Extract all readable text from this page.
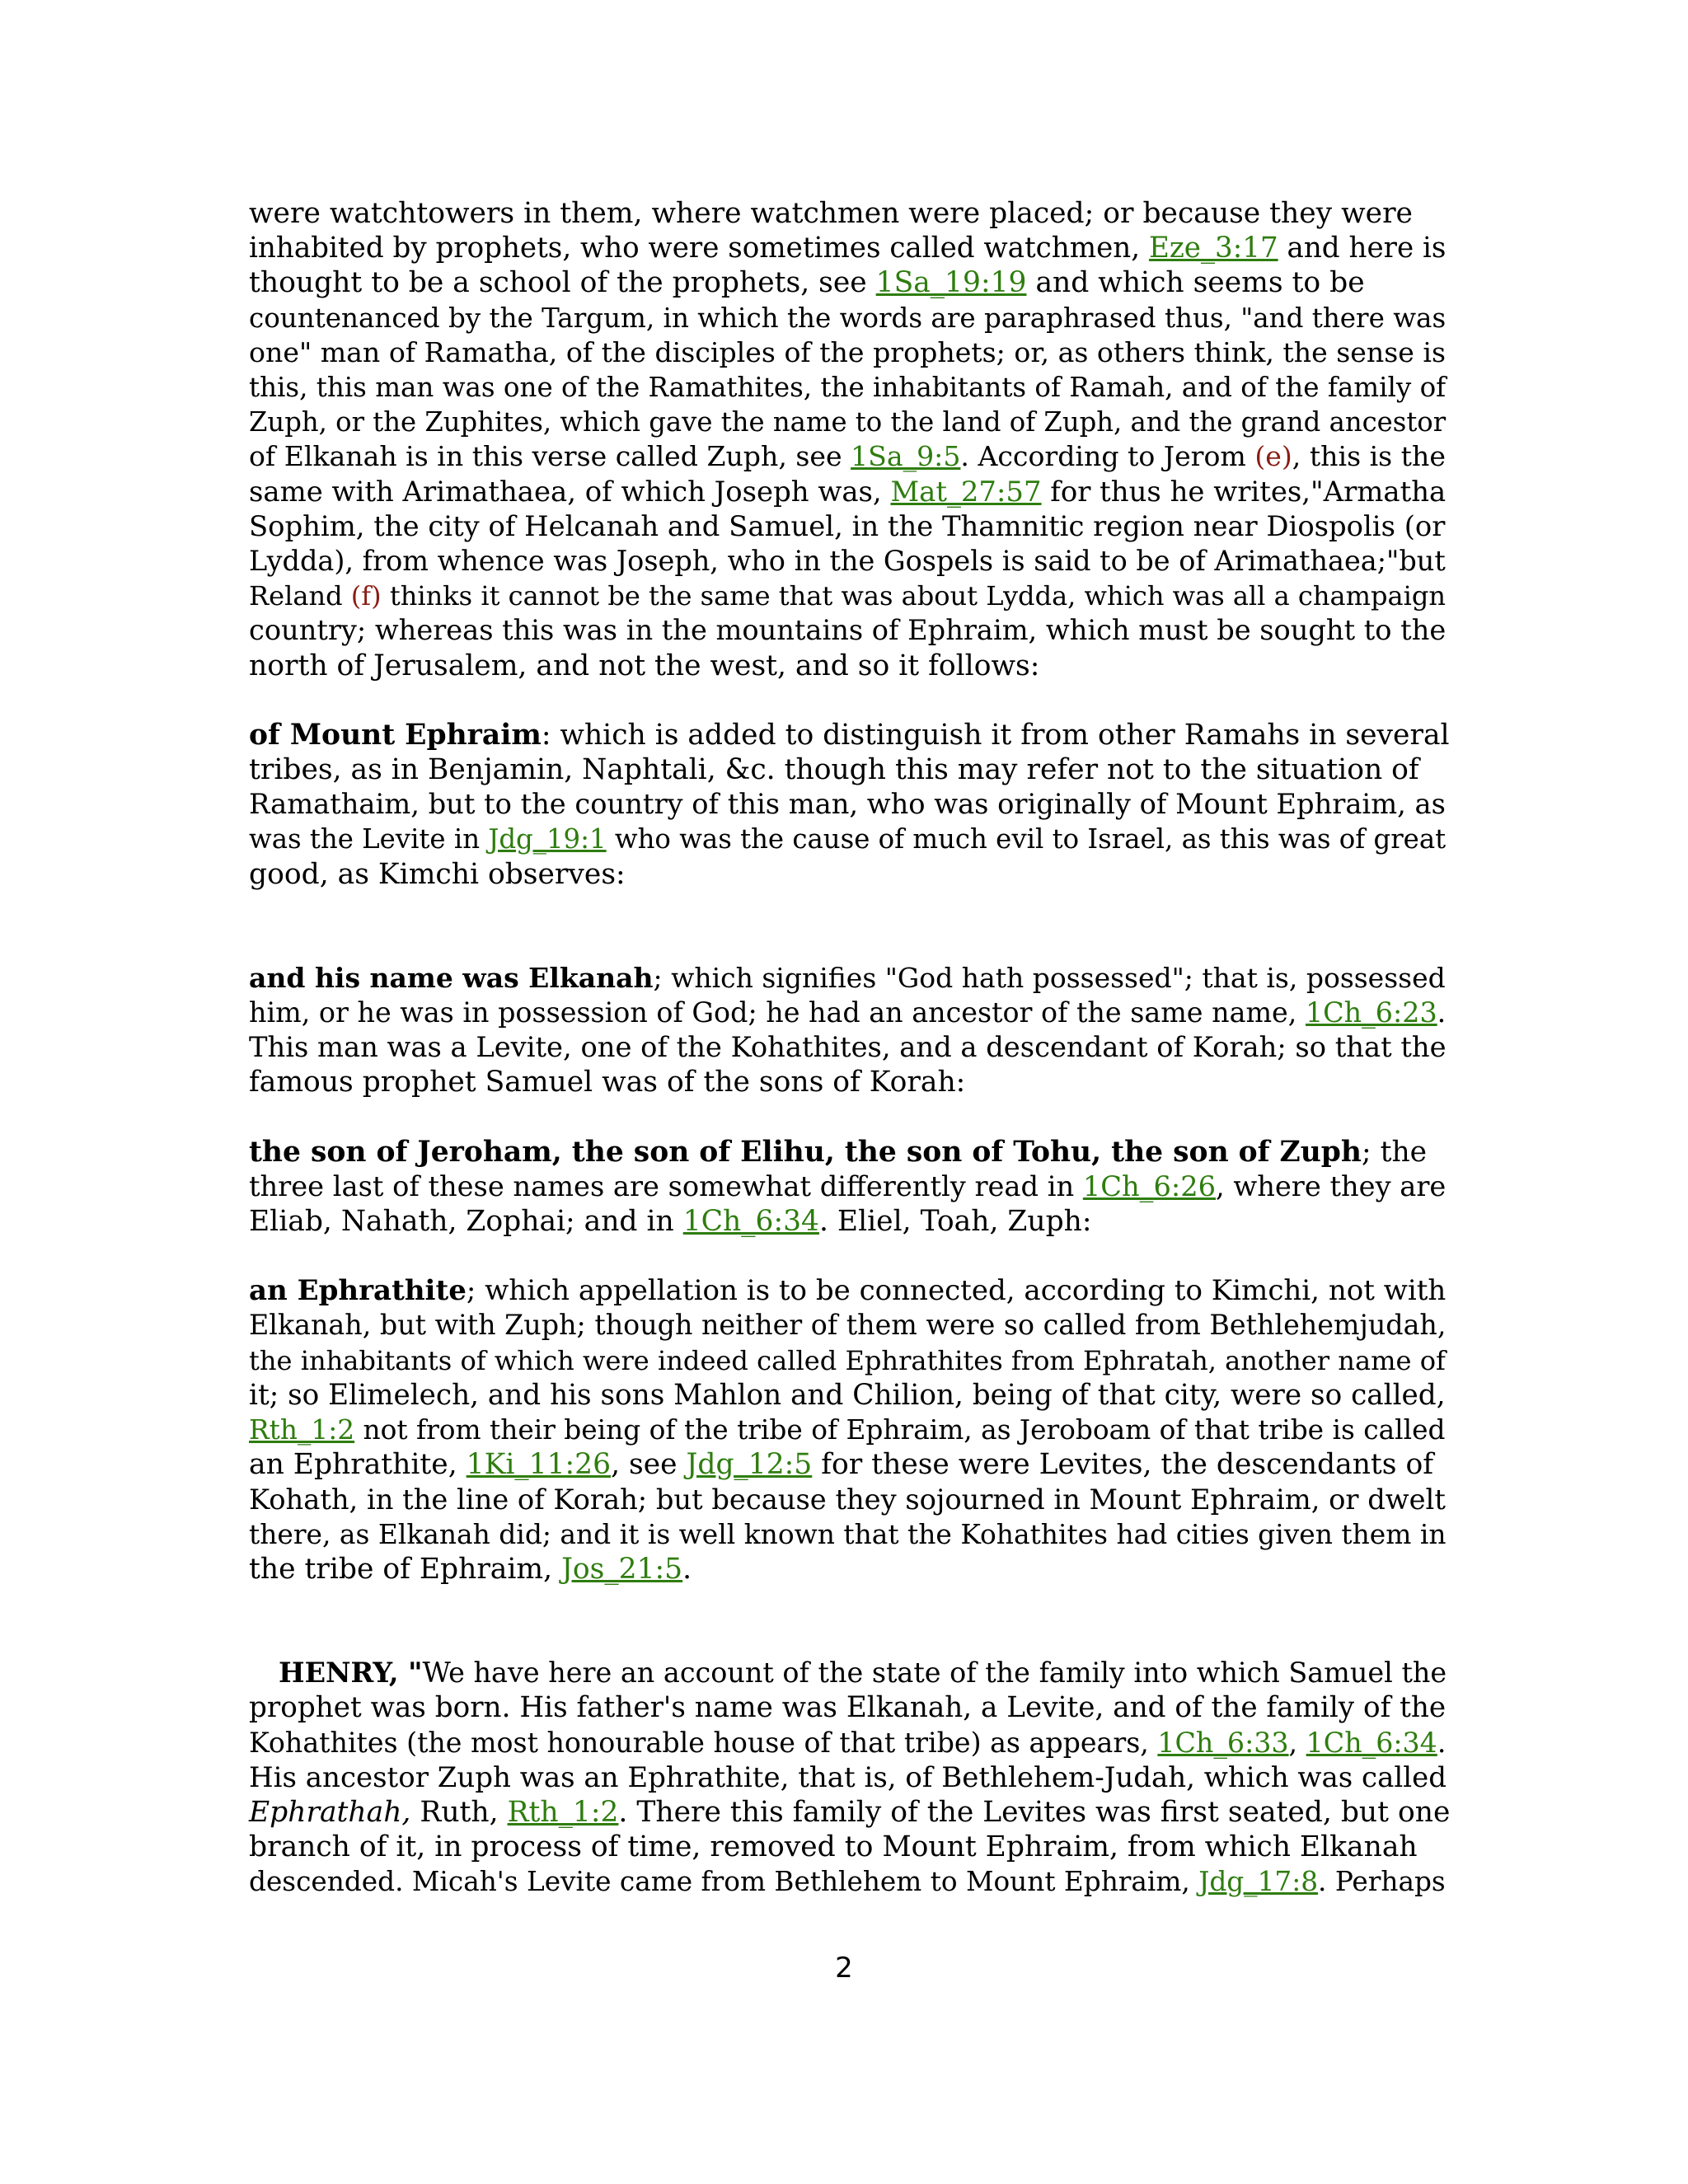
were watchtowers in them, where watchmen were placed; or because they were

inhabited by prophets, who were sometimes called watchmen, Eze_3:17 and here is

thought to be a school of the prophets, see 1Sa_19:19 and which seems to be

countenanced by the Targum, in which the words are paraphrased thus, "and there was

one" man of Ramatha, of the disciples of the prophets; or, as others think, the sense is

this, this man was one of the Ramathites, the inhabitants of Ramah, and of the family of

Zuph, or the Zuphites, which gave the name to the land of Zuph, and the grand ancestor

of Elkanah is in this verse called Zuph, see 1Sa_9:5. According to Jerom (e), this is the

same with Arimathaea, of which Joseph was, Mat_27:57 for thus he writes,"Armatha

Sophim, the city of Helcanah and Samuel, in the Thamnitic region near Diospolis (or

Lydda), from whence was Joseph, who in the Gospels is said to be of Arimathaea;"but

Reland (f) thinks it cannot be the same that was about Lydda, which was all a champaign

country; whereas this was in the mountains of Ephraim, which must be sought to the

north of Jerusalem, and not the west, and so it follows:

of Mount Ephraim: which is added to distinguish it from other Ramahs in several

tribes, as in Benjamin, Naphtali, &c. though this may refer not to the situation of

Ramathaim, but to the country of this man, who was originally of Mount Ephraim, as

was the Levite in Jdg_19:1 who was the cause of much evil to Israel, as this was of great

good, as Kimchi observes:

and his name was Elkanah; which signifies "God hath possessed"; that is, possessed

him, or he was in possession of God; he had an ancestor of the same name, 1Ch_6:23.

This man was a Levite, one of the Kohathites, and a descendant of Korah; so that the

famous prophet Samuel was of the sons of Korah:

the son of Jeroham, the son of Elihu, the son of Tohu, the son of Zuph; the

three last of these names are somewhat differently read in 1Ch_6:26, where they are

Eliab, Nahath, Zophai; and in 1Ch_6:34. Eliel, Toah, Zuph:

an Ephrathite; which appellation is to be connected, according to Kimchi, not with

Elkanah, but with Zuph; though neither of them were so called from Bethlehemjudah,

the inhabitants of which were indeed called Ephrathites from Ephratah, another name of

it; so Elimelech, and his sons Mahlon and Chilion, being of that city, were so called,

Rth_1:2 not from their being of the tribe of Ephraim, as Jeroboam of that tribe is called

an Ephrathite, 1Ki_11:26, see Jdg_12:5 for these were Levites, the descendants of

Kohath, in the line of Korah; but because they sojourned in Mount Ephraim, or dwelt

there, as Elkanah did; and it is well known that the Kohathites had cities given them in

the tribe of Ephraim, Jos_21:5.

HENRY, "We have here an account of the state of the family into which Samuel the

prophet was born. His father's name was Elkanah, a Levite, and of the family of the

Kohathites (the most honourable house of that tribe) as appears, 1Ch_6:33, 1Ch_6:34.

His ancestor Zuph was an Ephrathite, that is, of Bethlehem-Judah, which was called

Ephrathah, Ruth, Rth_1:2. There this family of the Levites was first seated, but one

branch of it, in process of time, removed to Mount Ephraim, from which Elkanah

descended. Micah's Levite came from Bethlehem to Mount Ephraim, Jdg_17:8. Perhaps

2
